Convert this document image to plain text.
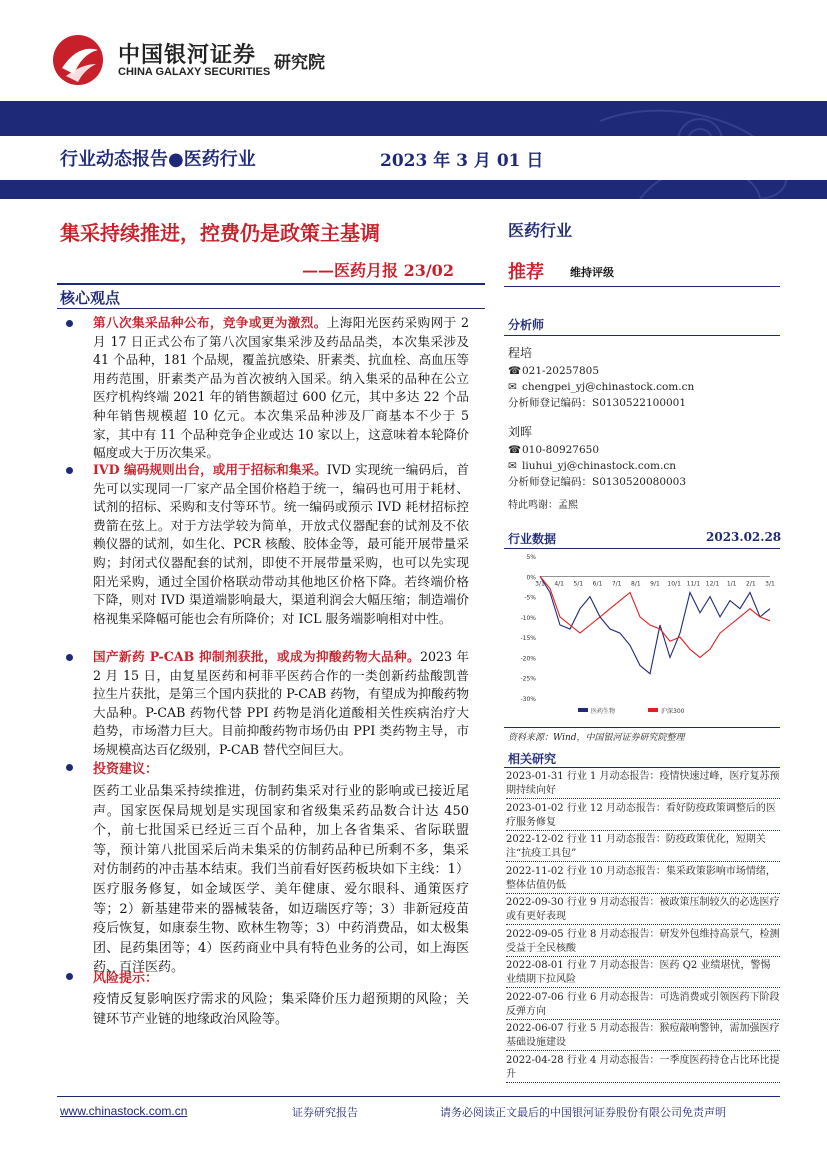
中国银河证券
CHINA GALAXY SECURITIES 研究院
行业动态报告●医药行业	2023 年 3 月 01 日
集采持续推进，控费仍是政策主基调
——医药月报 23/02
核心观点
第八次集采品种公布，竞争或更为激烈。上海阳光医药采购网于 2 月 17 日正式公布了第八次国家集采涉及药品品类，本次集采涉及 41 个品种，181 个品规，覆盖抗感染、肝素类、抗血栓、高血压等用药范围，肝素类产品为首次被纳入国采。纳入集采的品种在公立医疗机构终端 2021 年的销售额超过 600 亿元，其中多达 22 个品种年销售规模超 10 亿元。本次集采品种涉及厂商基本不少于 5 家，其中有 11 个品种竞争企业或达 10 家以上，这意味着本轮降价幅度或大于历次集采。
IVD 编码规则出台，或用于招标和集采。IVD 实现统一编码后，首先可以实现同一厂家产品全国价格趋于统一，编码也可用于耗材、试剂的招标、采购和支付等环节。统一编码或预示 IVD 耗材招标控费箭在弦上。对于方法学较为简单，开放式仪器配套的试剂及不依赖仪器的试剂，如生化、PCR 核酸、胶体金等，最可能开展带量采购；封闭式仪器配套的试剂，即使不开展带量采购，也可以先实现阳光采购，通过全国价格联动带动其他地区价格下降。若终端价格下降，则对 IVD 渠道端影响最大，渠道利润会大幅压缩；制造端价格视集采降幅可能也会有所降价；对 ICL 服务端影响相对中性。
国产新药 P-CAB 抑制剂获批，或成为抑酸药物大品种。2023 年 2 月 15 日，由复星医药和柯菲平医药合作的一类创新药盐酸凯普拉生片获批，是第三个国内获批的 P-CAB 药物，有望成为抑酸药物大品种。P-CAB 药物代替 PPI 药物是消化道酸相关性疾病治疗大趋势，市场潜力巨大。目前抑酸药物市场仍由 PPI 类药物主导，市场规模高达百亿级别，P-CAB 替代空间巨大。
投资建议：
医药工业品集采持续推进，仿制药集采对行业的影响或已接近尾声。国家医保局规划是实现国家和省级集采药品数合计达 450 个，前七批国采已经近三百个品种，加上各省集采、省际联盟等，预计第八批国采后尚未集采的仿制药品种已所剩不多，集采对仿制药的冲击基本结束。我们当前看好医药板块如下主线：1）医疗服务修复，如金域医学、美年健康、爱尔眼科、通策医疗等；2）新基建带来的器械装备，如迈瑞医疗等；3）非新冠疫苗疫后恢复，如康泰生物、欧林生物等；3）中药消费品，如太极集团、昆药集团等；4）医药商业中具有特色业务的公司，如上海医药、百洋医药。
风险提示：
疫情反复影响医疗需求的风险；集采降价压力超预期的风险；关键环节产业链的地缘政治风险等。
医药行业
推荐 维持评级
分析师
程培
☎021-20257805
✉ chengpei_yj@chinastock.com.cn
分析师登记编码：S0130522100001
刘晖
☎010-80927650
✉ liuhui_yj@chinastock.com.cn
分析师登记编码：S0130520080003
特此鸣谢：孟熙
行业数据	2023.02.28
5%
0%
-5%
-10%
-15%
-20%
-25%
-30%
3/1 4/1 5/1 6/1 7/1 8/1 9/1 10/1 11/1 12/1 1/1 2/1 3/1
医药生物	沪深300
资料来源：Wind，中国银河证券研究院整理
相关研究
2023-01-31 行业 1 月动态报告：疫情快速过峰，医疗复苏预期持续向好
2023-01-02 行业 12 月动态报告：看好防疫政策调整后的医疗服务修复
2022-12-02 行业 11 月动态报告：防疫政策优化，短期关注“抗疫工具包”
2022-11-02 行业 10 月动态报告：集采政策影响市场情绪，整体估值仍低
2022-09-30 行业 9 月动态报告：被政策压制较久的必选医疗或有更好表现
2022-09-05 行业 8 月动态报告：研发外包维持高景气，检测受益于全民核酸
2022-08-01 行业 7 月动态报告：医药 Q2 业绩堪忧，警惕业绩期下拉风险
2022-07-06 行业 6 月动态报告：可选消费或引领医药下阶段反弹方向
2022-06-07 行业 5 月动态报告：猴痘敲响警钟，需加强医疗基础设施建设
2022-04-28 行业 4 月动态报告：一季度医药持仓占比环比提升
www.chinastock.com.cn	证券研究报告	请务必阅读正文最后的中国银河证券股份有限公司免责声明
